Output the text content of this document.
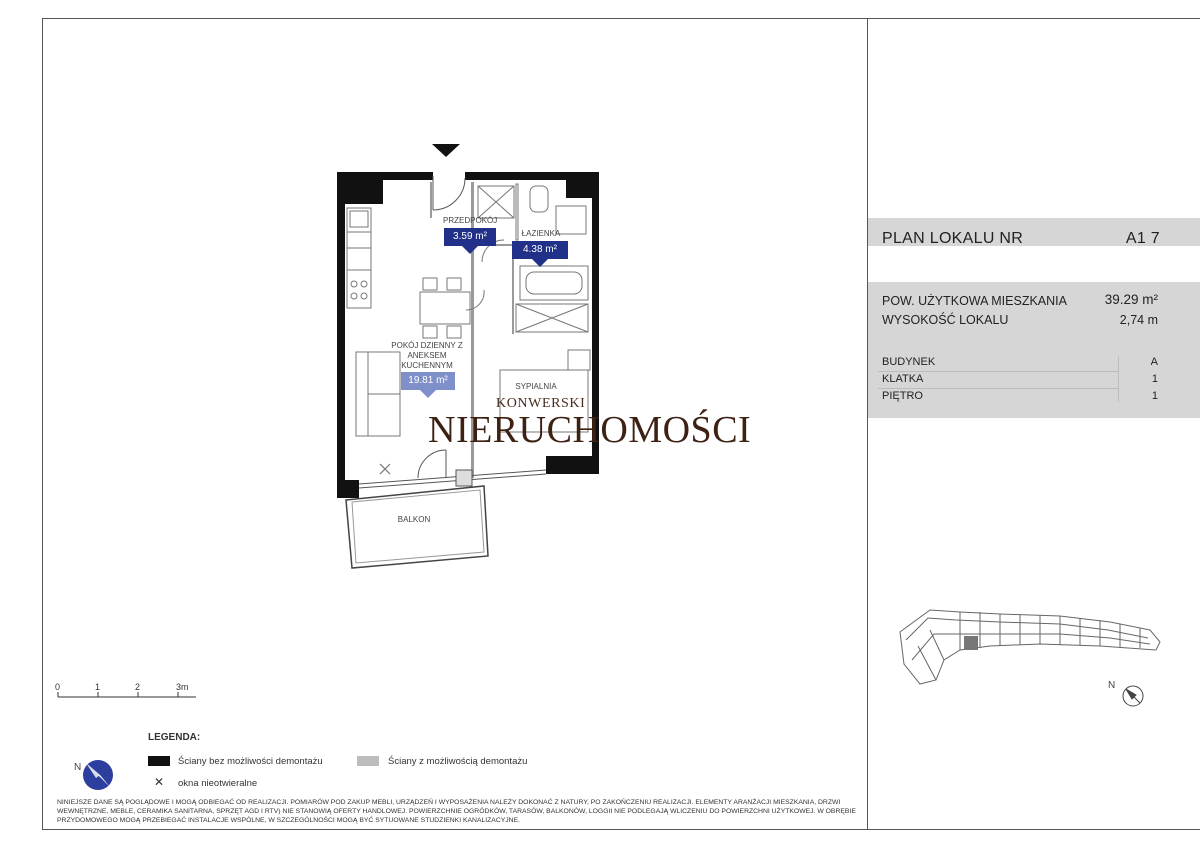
PLAN LOKALU NR	A1 7
POW. UŻYTKOWA MIESZKANIA	39.29 m²
WYSOKOŚĆ LOKALU	2,74 m
BUDYNEK	A
KLATKA	1
PIĘTRO	1
PRZEDPOKÓJ
3.59 m²	ŁAZIENKA
4.38 m²
POKÓJ DZIENNY Z
ANEKSEM
KUCHENNYM
19.81 m²
SYPIALNIA
BALKON
KONWERSKI
NIERUCHOMOŚCI
0	1	2	3m
LEGENDA:
Ściany bez możliwości demontażu	Ściany z możliwością demontażu
✕ okna nieotwieralne
N
N
NINIEJSZE DANE SĄ POGLĄDOWE I MOGĄ ODBIEGAĆ OD REALIZACJI. POMIARÓW POD ZAKUP MEBLI, URZĄDZEŃ I WYPOSAŻENIA NALEŻY DOKONAĆ Z NATURY, PO ZAKOŃCZENIU REALIZACJI. ELEMENTY ARANŻACJI MIESZKANIA, DRZWI WEWNĘTRZNE, MEBLE, CERAMIKA SANITARNA, SPRZĘT AGD I RTV) NIE STANOWIĄ OFERTY HANDLOWEJ. POWIERZCHNIE OGRÓDKÓW, TARASÓW, BALKONÓW, LOGGII NIE PODLEGAJĄ WLICZENIU DO POWIERZCHNI UŻYTKOWEJ. W OBRĘBIE PRZYDOMOWEGO MOGĄ PRZEBIEGAĆ INSTALACJE WSPÓLNE, W SZCZEGÓLNOŚCI MOGĄ BYĆ SYTUOWANE STUDZIENKI KANALIZACYJNE.
